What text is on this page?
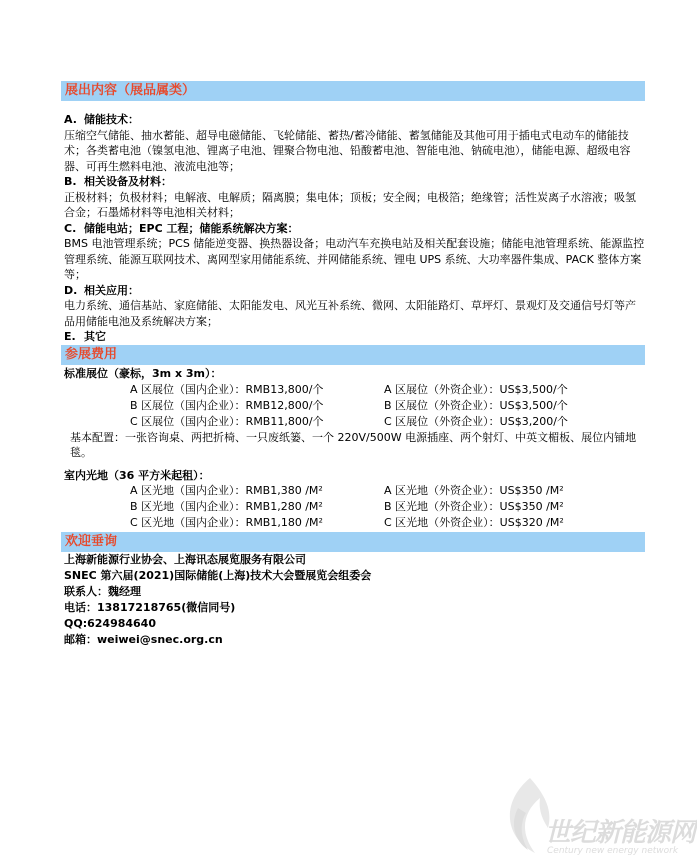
展出内容（展品属类）

A. 储能技术：

压缩空气储能、抽水蓄能、超导电磁储能、飞轮储能、蓄热/蓄冷储能、蓄氢储能及其他可用于插电式电动车的储能技术；各类蓄电池（镍氢电池、锂离子电池、锂聚合物电池、铅酸蓄电池、智能电池、钠硫电池），储能电源、超级电容器、可再生燃料电池、液流电池等；

B. 相关设备及材料：

正极材料；负极材料；电解液、电解质；隔离膜；集电体；顶板；安全阀；电极箔；绝缘管；活性炭离子水溶液；吸氢合金；石墨烯材料等电池相关材料；

C. 储能电站；EPC 工程；储能系统解决方案：

BMS 电池管理系统；PCS 储能逆变器、换热器设备；电动汽车充换电站及相关配套设施；储能电池管理系统、能源监控管理系统、能源互联网技术、离网型家用储能系统、并网储能系统、锂电 UPS 系统、大功率器件集成、PACK 整体方案等；

D. 相关应用：

电力系统、通信基站、家庭储能、太阳能发电、风光互补系统、微网、太阳能路灯、草坪灯、景观灯及交通信号灯等产品用储能电池及系统解决方案；

E. 其它

参展费用

标准展位（豪标，3m x 3m）：

A 区展位（国内企业）：RMB13,800/个	A 区展位（外资企业）：US$3,500/个
B 区展位（国内企业）：RMB12,800/个	B 区展位（外资企业）：US$3,500/个
C 区展位（国内企业）：RMB11,800/个	C 区展位（外资企业）：US$3,200/个

基本配置：一张咨询桌、两把折椅、一只废纸篓、一个 220V/500W 电源插座、两个射灯、中英文楣板、展位内铺地毯。

室内光地（36 平方米起租）：

A 区光地（国内企业）：RMB1,380 /M²	A 区光地（外资企业）：US$350 /M²
B 区光地（国内企业）：RMB1,280 /M²	B 区光地（外资企业）：US$350 /M²
C 区光地（国内企业）：RMB1,180 /M²	C 区光地（外资企业）：US$320 /M²
欢迎垂询

上海新能源行业协会、上海讯态展览服务有限公司

SNEC 第六届(2021)国际储能(上海)技术大会暨展览会组委会

联系人：魏经理

电话：13817218765(微信同号)

QQ:624984640

邮箱：weiwei@snec.org.cn

世纪新能源网
Century new energy network
